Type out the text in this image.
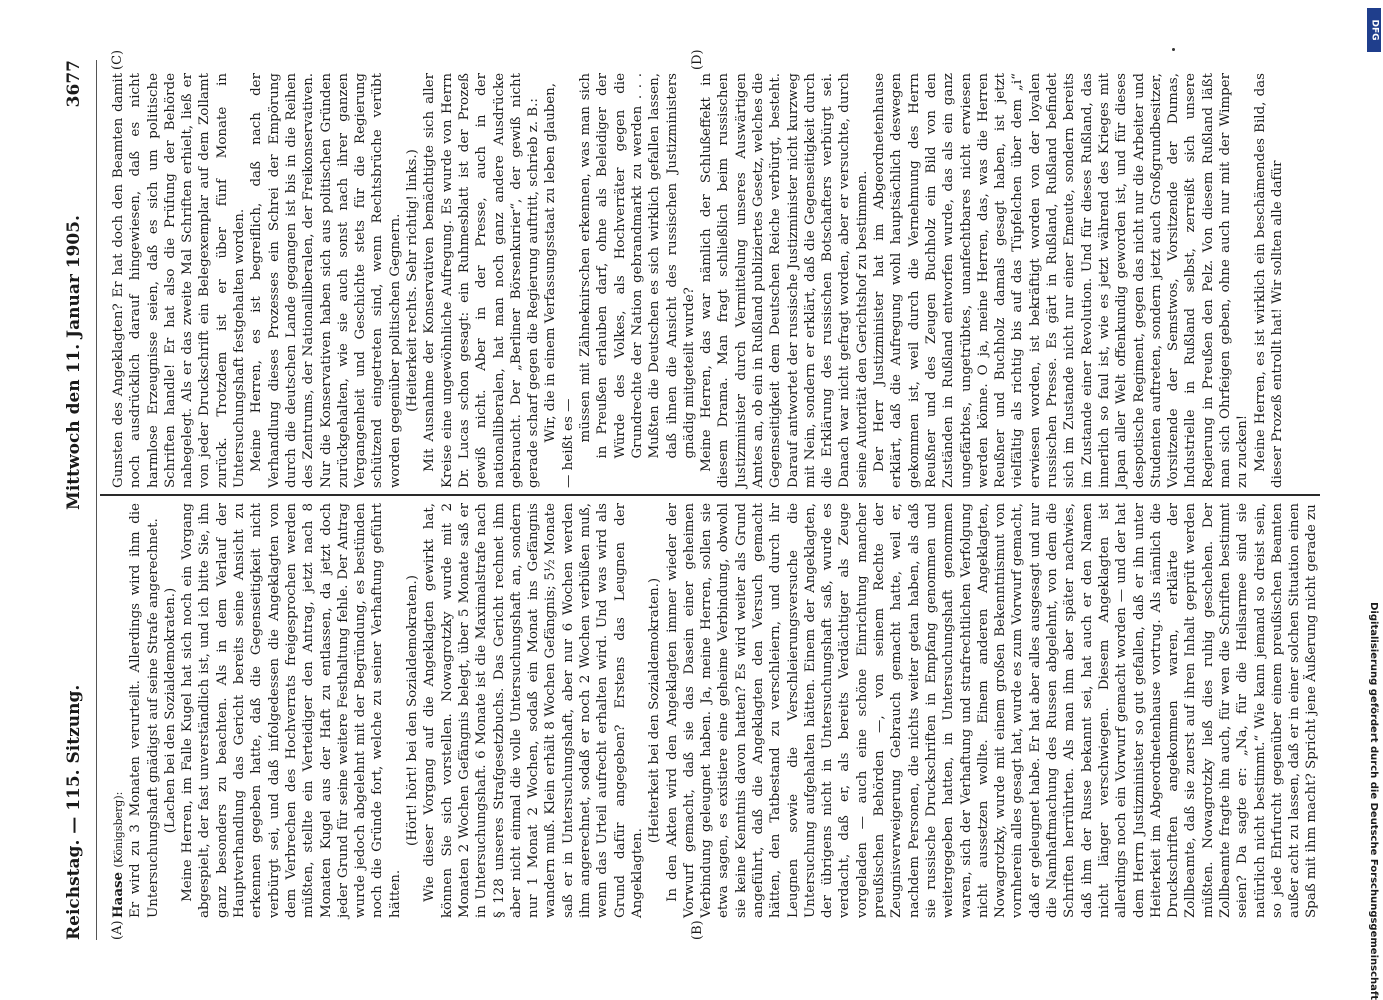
DFG
Digitalisierung gefördert durch die Deutsche Forschungsgemeinschaft
Reichstag. — 115. Sitzung.
Mittwoch den 11. Januar 1905.
3677
(A)	(B)
(C)	(D)

Haase (Königsberg): Er wird zu 3 Monaten verurteilt. Allerdings wird ihm die Untersuchungshaft gnädigst auf seine Strafe angerechnet. (Lachen bei den Sozialdemokraten.) Meine Herren, im Falle Kugel hat sich noch ein Vorgang abgespielt, der fast unverständlich ist, und ich bitte Sie, ihn ganz besonders zu beachten. Als in dem Verlauf der Hauptverhandlung das Gericht bereits seine Ansicht zu erkennen gegeben hatte, daß die Gegenseitigkeit nicht verbürgt sei, und daß infolgedessen die Angeklagten von dem Verbrechen des Hochverrats freigesprochen werden müßten, stellte ein Verteidiger den Antrag, jetzt nach 8 Monaten Kugel aus der Haft zu entlassen, da jetzt doch jeder Grund für seine weitere Festhaltung fehle. Der Antrag wurde jedoch abgelehnt mit der Begründung, es bestünden noch die Gründe fort, welche zu seiner Verhaftung geführt hätten.

(Hört! hört! bei den Sozialdemokraten.) Wie dieser Vorgang auf die Angeklagten gewirkt hat, können Sie sich vorstellen. Nowagrotzky wurde mit 2 Monaten 2 Wochen Gefängnis belegt, über 5 Monate saß er in Untersuchungshaft. 6 Monate ist die Maximalstrafe nach § 128 unseres Strafgesetzbuchs. Das Gericht rechnet ihm aber nicht einmal die volle Untersuchungshaft an, sondern nur 1 Monat 2 Wochen, sodaß ein Monat ins Gefängnis wandern muß. Klein erhält 8 Wochen Gefängnis; 5½ Monate saß er in Untersuchungshaft, aber nur 6 Wochen werden ihm angerechnet, sodaß er noch 2 Wochen verbüßen muß, wenn das Urteil aufrecht erhalten wird. Und was wird als Grund dafür angegeben? Erstens das Leugnen der Angeklagten.

(Heiterkeit bei den Sozialdemokraten.) In den Akten wird den Angeklagten immer wieder der Vorwurf gemacht, daß sie das Dasein einer geheimen Verbindung geleugnet haben. Ja, meine Herren, sollen sie etwa sagen, es existiere eine geheime Verbindung, obwohl sie keine Kenntnis davon hatten? Es wird weiter als Grund angeführt, daß die Angeklagten den Versuch gemacht hätten, den Tatbestand zu verschleiern, und durch ihr Leugnen sowie die Verschleierungsversuche die Untersuchung aufgehalten hätten. Einem der Angeklagten, der übrigens nicht in Untersuchungshaft saß, wurde es verdacht, daß er, als bereits Verdächtiger als Zeuge vorgeladen — auch eine schöne Einrichtung mancher preußischen Behörden —, von seinem Rechte der Zeugnisverweigerung Gebrauch gemacht hatte, weil er, nachdem Personen, die nichts weiter getan haben, als daß sie russische Druckschriften in Empfang genommen und weitergegeben hatten, in Untersuchungshaft genommen waren, sich der Verhaftung und strafrechtlichen Verfolgung nicht aussetzen wollte. Einem anderen Angeklagten, Nowagrotzky, wurde mit einem großen Bekenntnismut von vornherein alles gesagt hat, wurde es zum Vorwurf gemacht, daß er geleugnet habe. Er hat aber alles ausgesagt und nur die Namhaftmachung des Russen abgelehnt, von dem die Schriften herrührten. Als man ihm aber später nachwies, daß ihm der Russe bekannt sei, hat auch er den Namen nicht länger verschwiegen. Diesem Angeklagten ist allerdings noch ein Vorwurf gemacht worden — und der hat dem Herrn Justizminister so gut gefallen, daß er ihn unter Heiterkeit im Abgeordnetenhause vortrug. Als nämlich die Druckschriften angekommen waren, erklärte der Zollbeamte, daß sie zuerst auf ihren Inhalt geprüft werden müßten. Nowagrotzky ließ dies ruhig geschehen. Der Zollbeamte fragte ihn auch, für wen die Schriften bestimmt seien? Da sagte er: „Na, für die Heilsarmee sind sie natürlich nicht bestimmt.“ Wie kann jemand so dreist sein, so jede Ehrfurcht gegenüber einem preußischen Beamten außer acht zu lassen, daß er in einer solchen Situation einen Spaß mit ihm macht? Spricht jene Äußerung nicht gerade zu

Gunsten des Angeklagten? Er hat doch den Beamten damit noch ausdrücklich darauf hingewiesen, daß es nicht harmlose Erzeugnisse seien, daß es sich um politische Schriften handle! Er hat also die Prüfung der Behörde nahegelegt. Als er das zweite Mal Schriften erhielt, ließ er von jeder Druckschrift ein Belegexemplar auf dem Zollamt zurück. Trotzdem ist er über fünf Monate in Untersuchungshaft festgehalten worden. Meine Herren, es ist begreiflich, daß nach der Verhandlung dieses Prozesses ein Schrei der Empörung durch die deutschen Lande gegangen ist bis in die Reihen des Zentrums, der Nationalliberalen, der Freikonservativen. Nur die Konservativen haben sich aus politischen Gründen zurückgehalten, wie sie auch sonst nach ihrer ganzen Vergangenheit und Geschichte stets für die Regierung schützend eingetreten sind, wenn Rechtsbrüche verübt worden gegenüber politischen Gegnern. (Heiterkeit rechts. Sehr richtig! links.) Mit Ausnahme der Konservativen bemächtigte sich aller Kreise eine ungewöhnliche Aufregung. Es wurde von Herrn Dr. Lucas schon gesagt: ein Ruhmesblatt ist der Prozeß gewiß nicht. Aber in der Presse, auch in der nationalliberalen, hat man noch ganz andere Ausdrücke gebraucht. Der „Berliner Börsenkurier“, der gewiß nicht gerade scharf gegen die Regierung auftritt, schrieb z. B.: Wir, die in einem Verfassungsstaat zu leben glauben,

— heißt es —

müssen mit Zähneknirschen erkennen, was man sich in Preußen erlauben darf, ohne als Beleidiger der Würde des Volkes, als Hochverräter gegen die Grundrechte der Nation gebrandmarkt zu werden . . . Mußten die Deutschen es sich wirklich gefallen lassen, daß ihnen die Ansicht des russischen Justizministers gnädig mitgeteilt wurde? Meine Herren, das war nämlich der Schlußeffekt in diesem Drama. Man fragt schließlich beim russischen Justizminister durch Vermittelung unseres Auswärtigen Amtes an, ob ein in Rußland publiziertes Gesetz, welches die Gegenseitigkeit dem Deutschen Reiche verbürgt, besteht. Darauf antwortet der russische Justizminister nicht kurzweg mit Nein, sondern er erklärt, daß die Gegenseitigkeit durch die Erklärung des russischen Botschafters verbürgt sei. Danach war nicht gefragt worden, aber er versuchte, durch seine Autorität den Gerichtshof zu bestimmen. Der Herr Justizminister hat im Abgeordnetenhause erklärt, daß die Aufregung wohl hauptsächlich deswegen gekommen ist, weil durch die Vernehmung des Herrn Reußner und des Zeugen Buchholz ein Bild von den Zuständen in Rußland entworfen wurde, das als ein ganz ungefärbtes, ungetrübtes, unanfechtbares nicht erwiesen werden könne. O ja, meine Herren, das, was die Herren Reußner und Buchholz damals gesagt haben, ist jetzt vielfältig als richtig bis auf das Tüpfelchen über dem „i“ erwiesen worden, ist bekräftigt worden von der loyalen russischen Presse. Es gärt in Rußland, Rußland befindet sich im Zustande nicht nur einer Emeute, sondern bereits im Zustande einer Revolution. Und für dieses Rußland, das innerlich so faul ist, wie es jetzt während des Krieges mit Japan aller Welt offenkundig geworden ist, und für dieses despotische Regiment, gegen das nicht nur die Arbeiter und Studenten auftreten, sondern jetzt auch Großgrundbesitzer, Vorsitzende der Semstwos, Vorsitzende der Dumas, Industrielle in Rußland selbst, zerreißt sich unsere Regierung in Preußen den Pelz. Von diesem Rußland läßt man sich Ohrfeigen geben, ohne auch nur mit der Wimper zu zucken! Meine Herren, es ist wirklich ein beschämendes Bild, das dieser Prozeß entrollt hat! Wir sollten alle dafür
